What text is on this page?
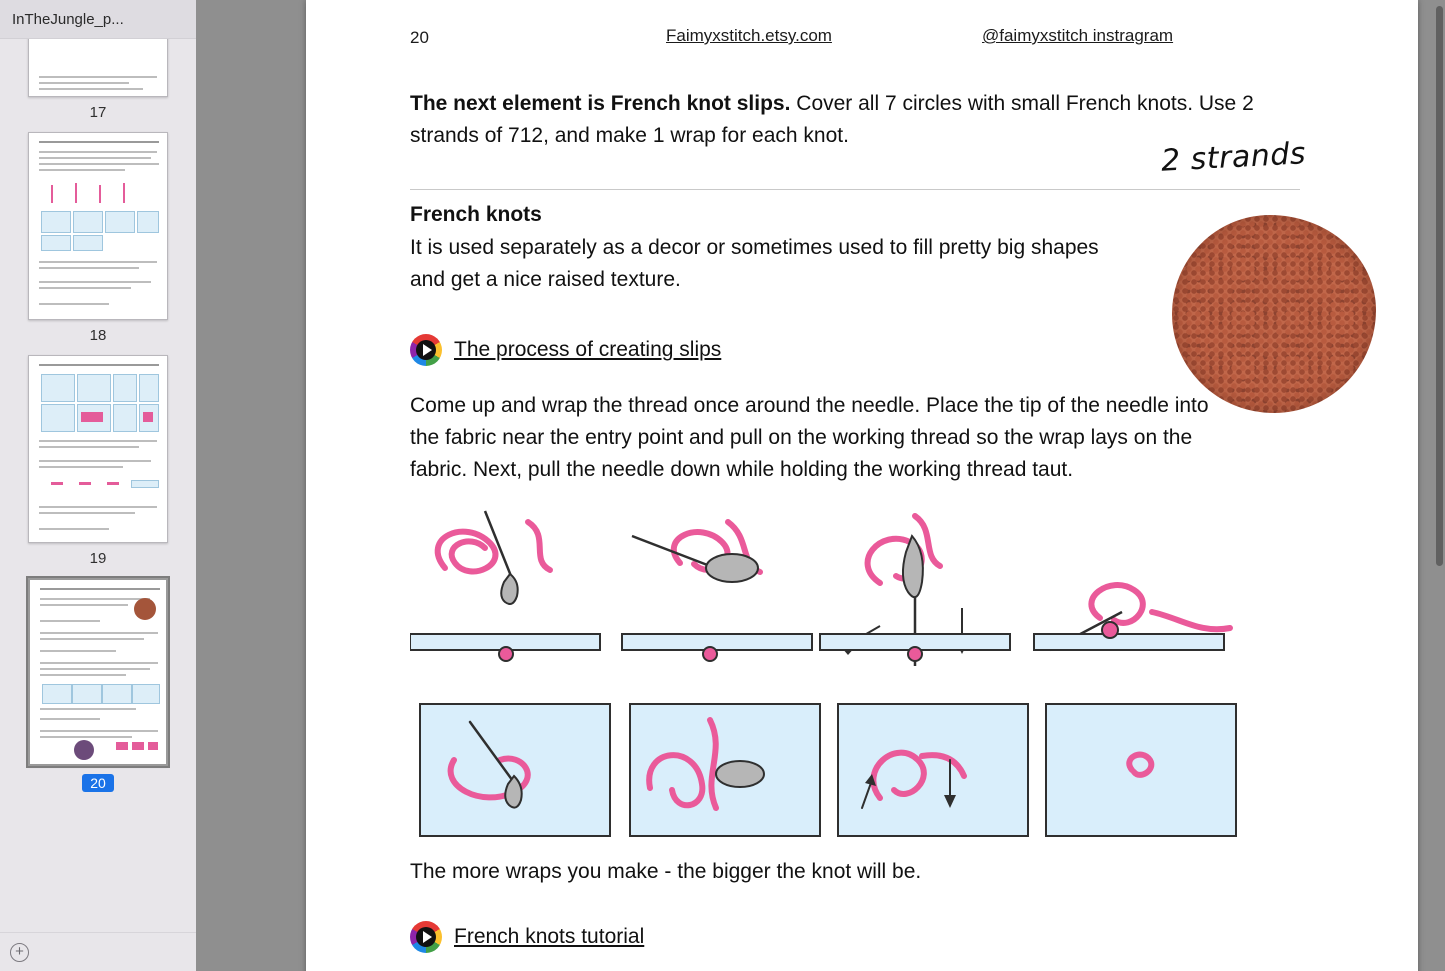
InTheJungle_p...
17
18
19
20
+
20	Faimyxstitch.etsy.com	@faimyxstitch instragram
The next element is French knot slips. Cover all 7 circles with small French knots. Use 2 strands of 712, and make 1 wrap for each knot.
2 strands
French knots
It is used separately as a decor or sometimes used to fill pretty big shapes and get a nice raised texture.
The process of creating slips
Come up and wrap the thread once around the needle. Place the tip of the needle into the fabric near the entry point and pull on the working thread so the wrap lays on the fabric. Next, pull the needle down while holding the working thread taut.
The more wraps you make - the bigger the knot will be.
French knots tutorial
